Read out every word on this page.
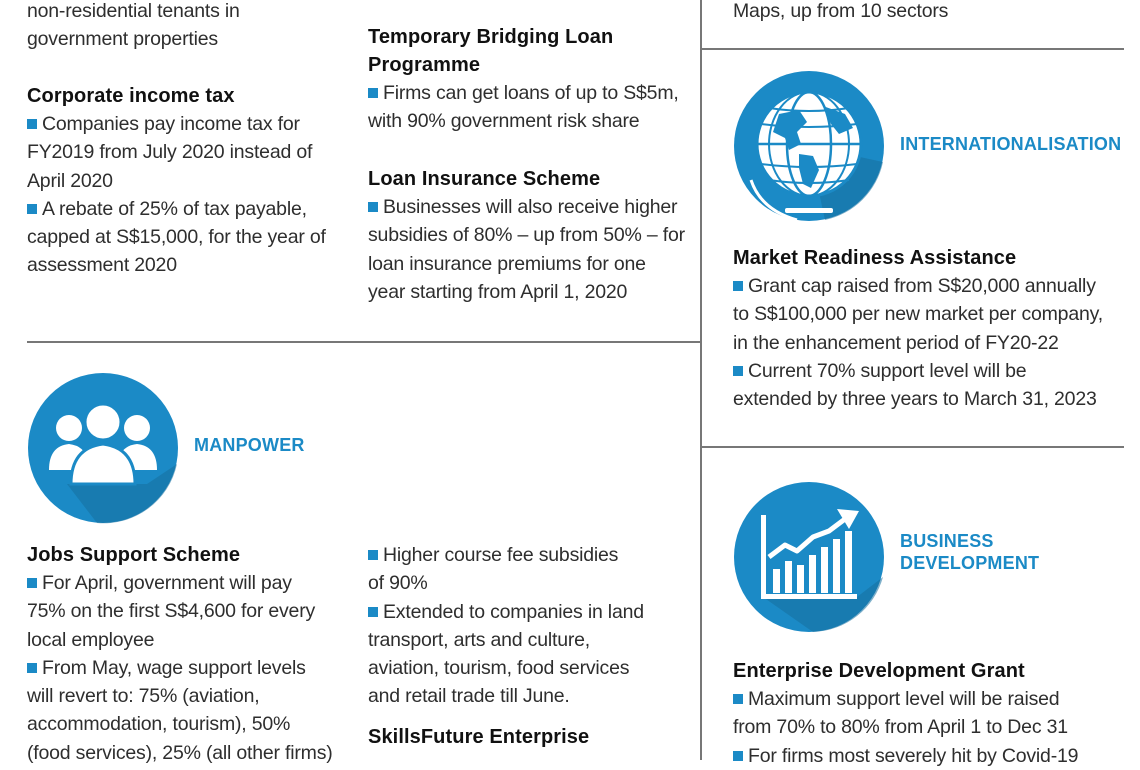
non-residential tenants in
government properties
Corporate income tax
Companies pay income tax for
FY2019 from July 2020 instead of
April 2020
A rebate of 25% of tax payable,
capped at S$15,000, for the year of
assessment 2020
Temporary Bridging Loan
Programme
Firms can get loans of up to S$5m,
with 90% government risk share
Loan Insurance Scheme
Businesses will also receive higher
subsidies of 80% – up from 50% – for
loan insurance premiums for one
year starting from April 1, 2020
Maps, up from 10 sectors
INTERNATIONALISATION
Market Readiness Assistance
Grant cap raised from S$20,000 annually
to S$100,000 per new market per company,
in the enhancement period of FY20-22
Current 70% support level will be
extended by three years to March 31, 2023
MANPOWER
Jobs Support Scheme
For April, government will pay
75% on the first S$4,600 for every
local employee
From May, wage support levels
will revert to: 75% (aviation,
accommodation, tourism), 50%
(food services), 25% (all other firms)
Higher course fee subsidies
of 90%
Extended to companies in land
transport, arts and culture,
aviation, tourism, food services
and retail trade till June.
SkillsFuture Enterprise
BUSINESS
DEVELOPMENT
Enterprise Development Grant
Maximum support level will be raised
from 70% to 80% from April 1 to Dec 31
For firms most severely hit by Covid-19
